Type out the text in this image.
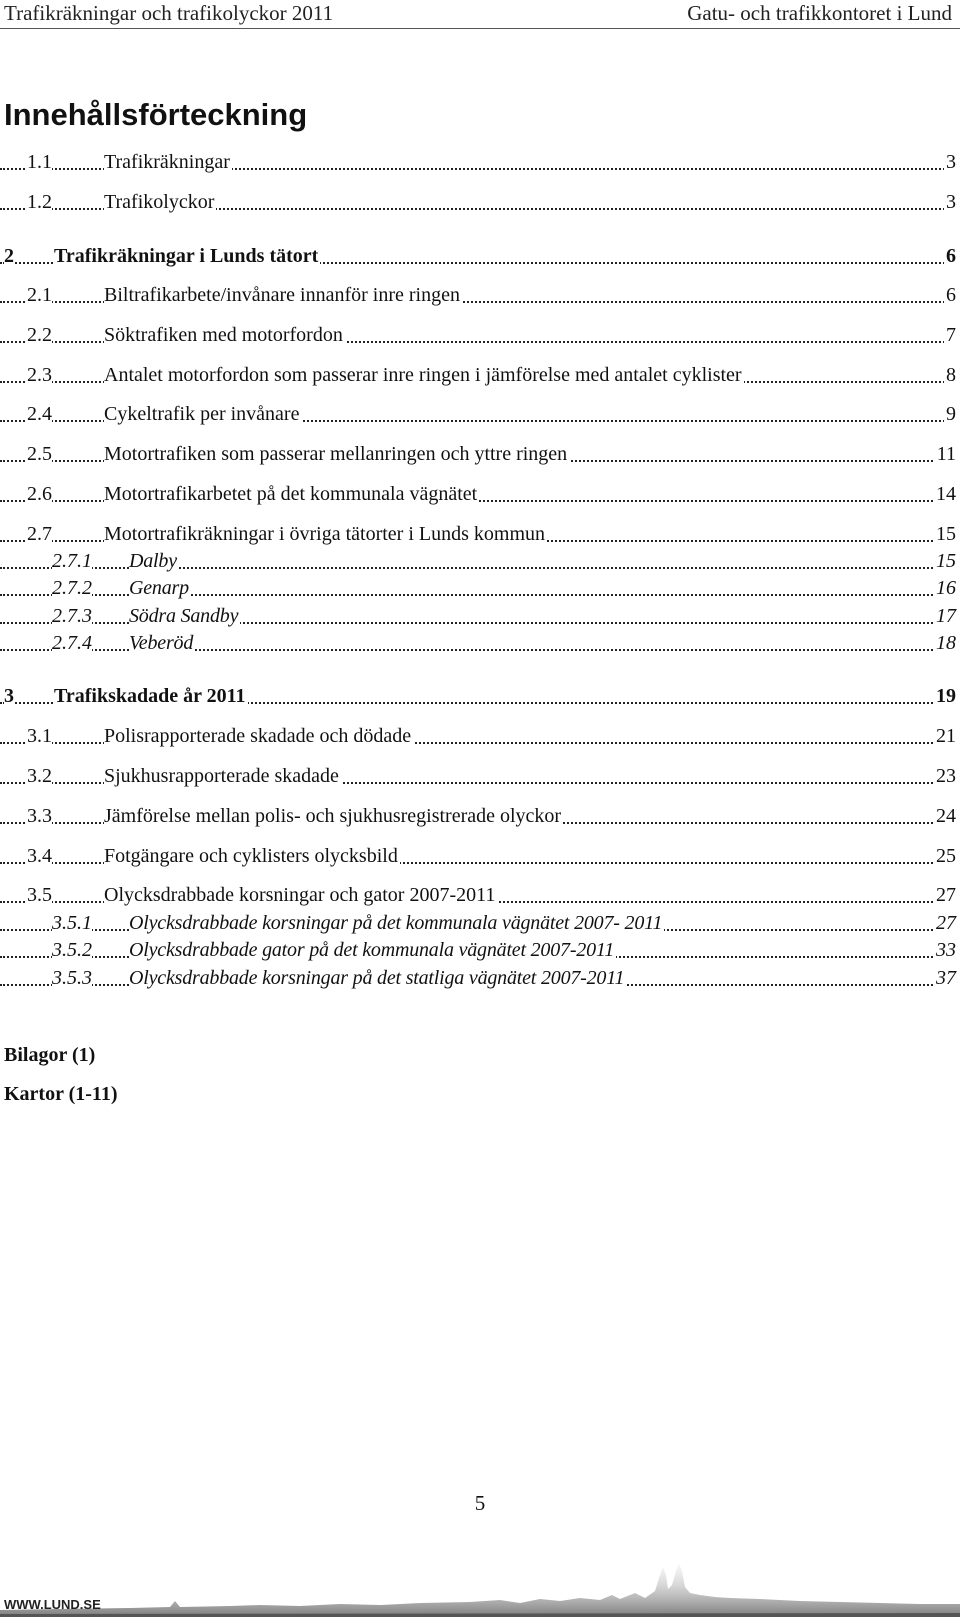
Trafikräkningar och trafikolyckor 2011	Gatu- och trafikkontoret i Lund
Innehållsförteckning
1.1	Trafikräkningar	3
1.2	Trafikolyckor	3
2 Trafikräkningar i Lunds tätort	6
2.1	Biltrafikarbete/invånare innanför inre ringen	6
2.2	Söktrafiken med motorfordon	7
2.3	Antalet motorfordon som passerar inre ringen i jämförelse med antalet cyklister	8
2.4	Cykeltrafik per invånare	9
2.5	Motortrafiken som passerar mellanringen och yttre ringen	11
2.6	Motortrafikarbetet på det kommunala vägnätet	14
2.7	Motortrafikräkningar i övriga tätorter i Lunds kommun	15
2.7.1 Dalby	15
2.7.2 Genarp	16
2.7.3 Södra Sandby	17
2.7.4 Veberöd	18
3 Trafikskadade år 2011	19
3.1	Polisrapporterade skadade och dödade	21
3.2	Sjukhusrapporterade skadade	23
3.3	Jämförelse mellan polis- och sjukhusregistrerade olyckor	24
3.4	Fotgängare och cyklisters olycksbild	25
3.5	Olycksdrabbade korsningar och gator 2007-2011	27
3.5.1 Olycksdrabbade korsningar på det kommunala vägnätet 2007- 2011	27
3.5.2 Olycksdrabbade gator på det kommunala vägnätet 2007-2011	33
3.5.3 Olycksdrabbade korsningar på det statliga vägnätet 2007-2011	37
Bilagor (1)
Kartor (1-11)
5
WWW.LUND.SE
